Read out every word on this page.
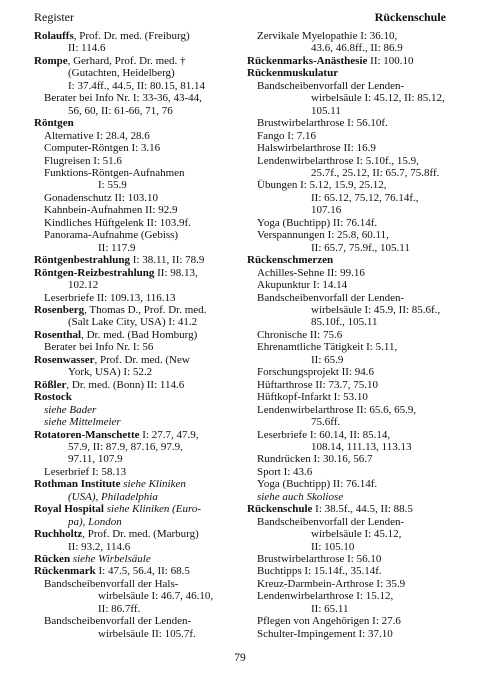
Register	Rückenschule
Rolauffs, Prof. Dr. med. (Freiburg)
II: 114.6
Rompe, Gerhard, Prof. Dr. med. †
(Gutachten, Heidelberg)
I: 37.4ff., 44.5, II: 80.15, 81.14
Berater bei Info Nr. I: 33-36, 43-44,
56, 60, II: 61-66, 71, 76
Röntgen
Alternative I: 28.4, 28.6
Computer-Röntgen I: 3.16
Flugreisen I: 51.6
Funktions-Röntgen-Aufnahmen
I: 55.9
Gonadenschutz II: 103.10
Kahnbein-Aufnahmen II: 92.9
Kindliches Hüftgelenk II: 103.9f.
Panorama-Aufnahme (Gebiss)
II: 117.9
Röntgenbestrahlung I: 38.11, II: 78.9
Röntgen-Reizbestrahlung II: 98.13,
102.12
Leserbriefe II: 109.13, 116.13
Rosenberg, Thomas D., Prof. Dr. med.
(Salt Lake City, USA) I: 41.2
Rosenthal, Dr. med. (Bad Homburg)
Berater bei Info Nr. I: 56
Rosenwasser, Prof. Dr. med. (New
York, USA) I: 52.2
Rößler, Dr. med. (Bonn) II: 114.6
Rostock
siehe Bader
siehe Mittelmeier
Rotatoren-Manschette I: 27.7, 47.9,
57.9, II: 87.9, 87.16, 97.9,
97.11, 107.9
Leserbrief I: 58.13
Rothman Institute siehe Kliniken
(USA), Philadelphia
Royal Hospital siehe Kliniken (Euro-
pa), London
Ruchholtz, Prof. Dr. med. (Marburg)
II: 93.2, 114.6
Rücken siehe Wirbelsäule
Rückenmark I: 47.5, 56.4, II: 68.5
Bandscheibenvorfall der Hals-
wirbelsäule I: 46.7, 46.10,
II: 86.7ff.
Bandscheibenvorfall der Lenden-
wirbelsäule II: 105.7f.
Zervikale Myelopathie I: 36.10,
43.6, 46.8ff., II: 86.9
Rückenmarks-Anästhesie II: 100.10
Rückenmuskulatur
Bandscheibenvorfall der Lenden-
wirbelsäule I: 45.12, II: 85.12,
105.11
Brustwirbelarthrose I: 56.10f.
Fango I: 7.16
Halswirbelarthrose II: 16.9
Lendenwirbelarthrose I: 5.10f., 15.9,
25.7f., 25.12, II: 65.7, 75.8ff.
Übungen I: 5.12, 15.9, 25.12,
II: 65.12, 75.12, 76.14f.,
107.16
Yoga (Buchtipp) II: 76.14f.
Verspannungen I: 25.8, 60.11,
II: 65.7, 75.9f., 105.11
Rückenschmerzen
Achilles-Sehne II: 99.16
Akupunktur I: 14.14
Bandscheibenvorfall der Lenden-
wirbelsäule I: 45.9, II: 85.6f.,
85.10f., 105.11
Chronische II: 75.6
Ehrenamtliche Tätigkeit I: 5.11,
II: 65.9
Forschungsprojekt II: 94.6
Hüftarthrose II: 73.7, 75.10
Hüftkopf-Infarkt I: 53.10
Lendenwirbelarthrose II: 65.6, 65.9,
75.6ff.
Leserbriefe I: 60.14, II: 85.14,
108.14, 111.13, 113.13
Rundrücken I: 30.16, 56.7
Sport I: 43.6
Yoga (Buchtipp) II: 76.14f.
siehe auch Skoliose
Rückenschule I: 38.5f., 44.5, II: 88.5
Bandscheibenvorfall der Lenden-
wirbelsäule I: 45.12,
II: 105.10
Brustwirbelarthrose I: 56.10
Buchtipps I: 15.14f., 35.14f.
Kreuz-Darmbein-Arthrose I: 35.9
Lendenwirbelarthrose I: 15.12,
II: 65.11
Pflegen von Angehörigen I: 27.6
Schulter-Impingement I: 37.10
79
